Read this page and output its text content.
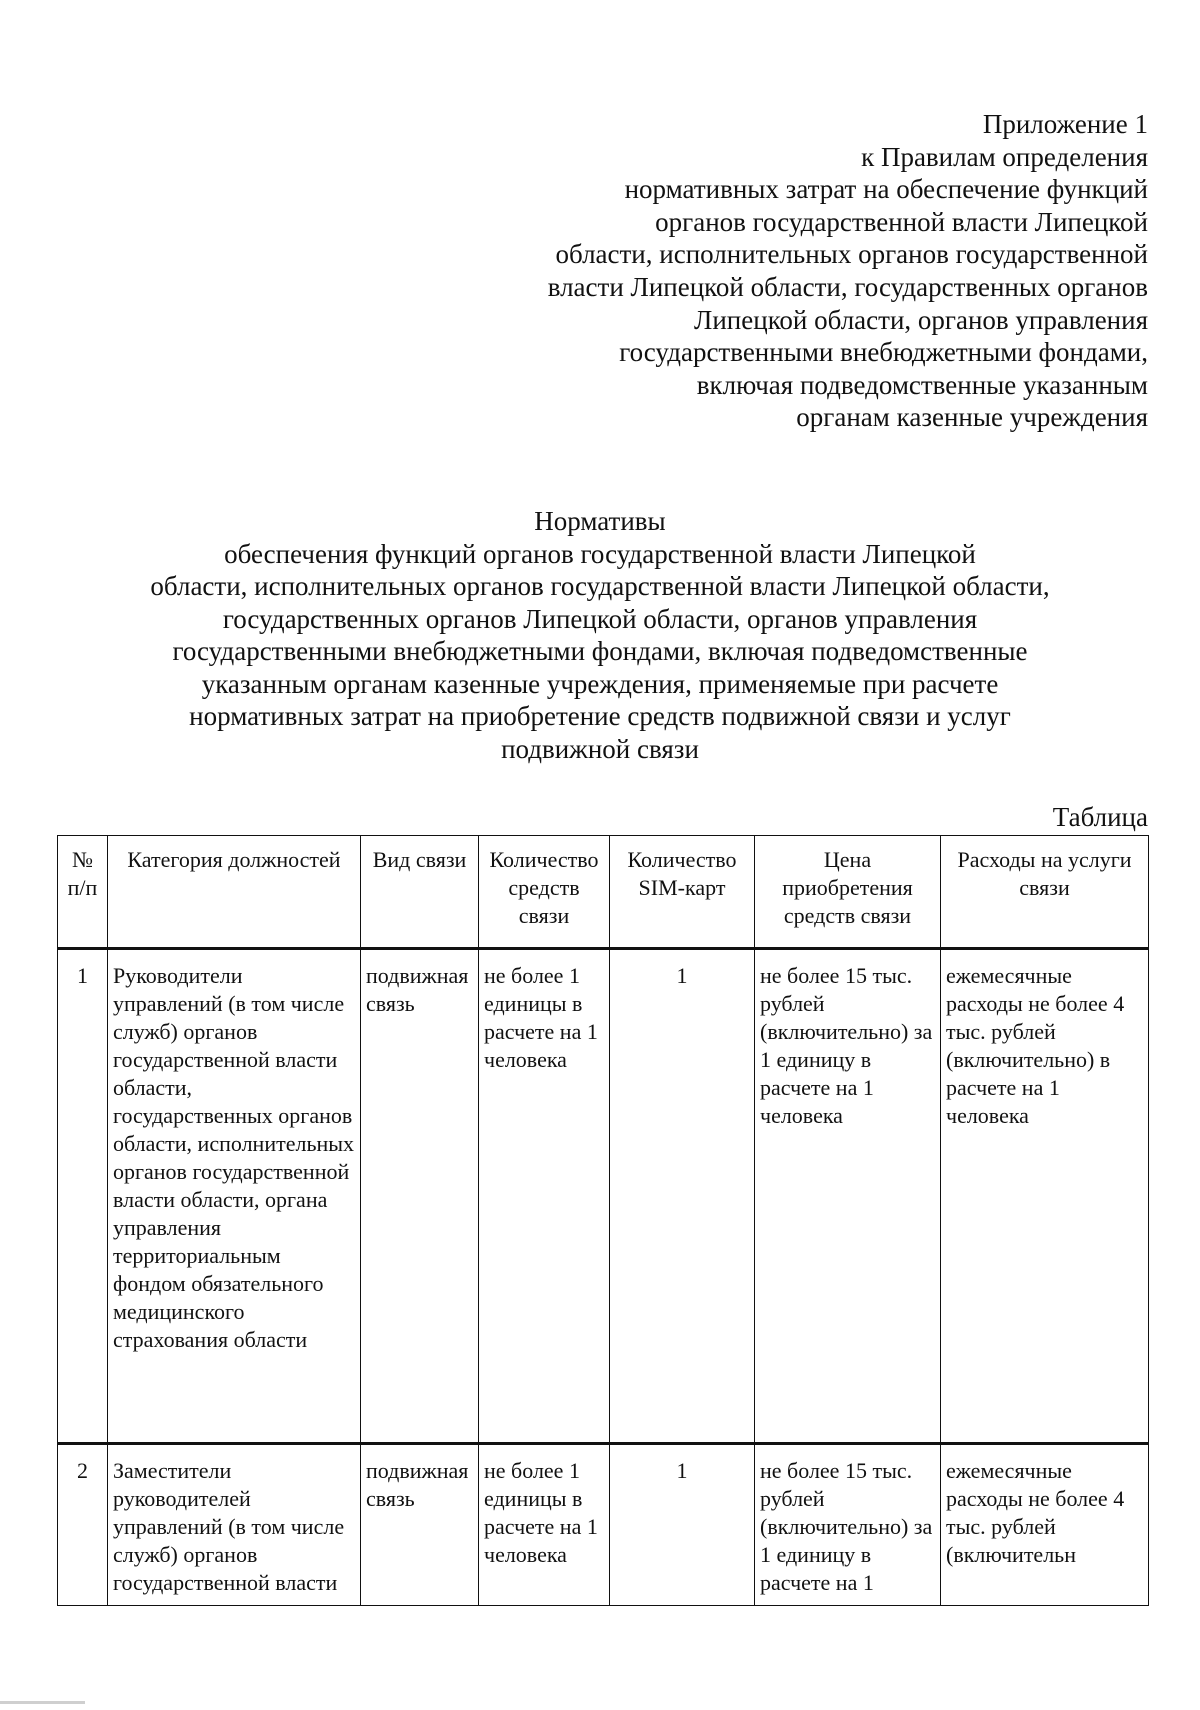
Приложение 1
к Правилам определения
нормативных затрат на обеспечение функций
органов государственной власти Липецкой
области, исполнительных органов государственной
власти Липецкой области, государственных органов
Липецкой области, органов управления
государственными внебюджетными фондами,
включая подведомственные указанным
органам казенные учреждения
Нормативы
обеспечения функций органов государственной власти Липецкой
области, исполнительных органов государственной власти Липецкой области,
государственных органов Липецкой области, органов управления
государственными внебюджетными фондами, включая подведомственные
указанным органам казенные учреждения, применяемые при расчете
нормативных затрат на приобретение средств подвижной связи и услуг
подвижной связи
Таблица
№ п/п	Категория должностей	Вид связи	Количество средств связи	Количество SIM-карт	Цена приобретения средств связи	Расходы на услуги связи
1	Руководители управлений (в том числе служб) органов государственной власти области, государственных органов области, исполнительных органов государственной власти области, органа управления территориальным фондом обязательного медицинского страхования области	подвижная связь	не более 1 единицы в расчете на 1 человека	1	не более 15 тыс. рублей (включительно) за 1 единицу в расчете на 1 человека	ежемесячные расходы не более 4 тыс. рублей (включительно) в расчете на 1 человека
2	Заместители руководителей управлений (в том числе служб) органов государственной власти	подвижная связь	не более 1 единицы в расчете на 1 человека	1	не более 15 тыс. рублей (включительно) за 1 единицу в расчете на 1	ежемесячные расходы не более 4 тыс. рублей (включительн
